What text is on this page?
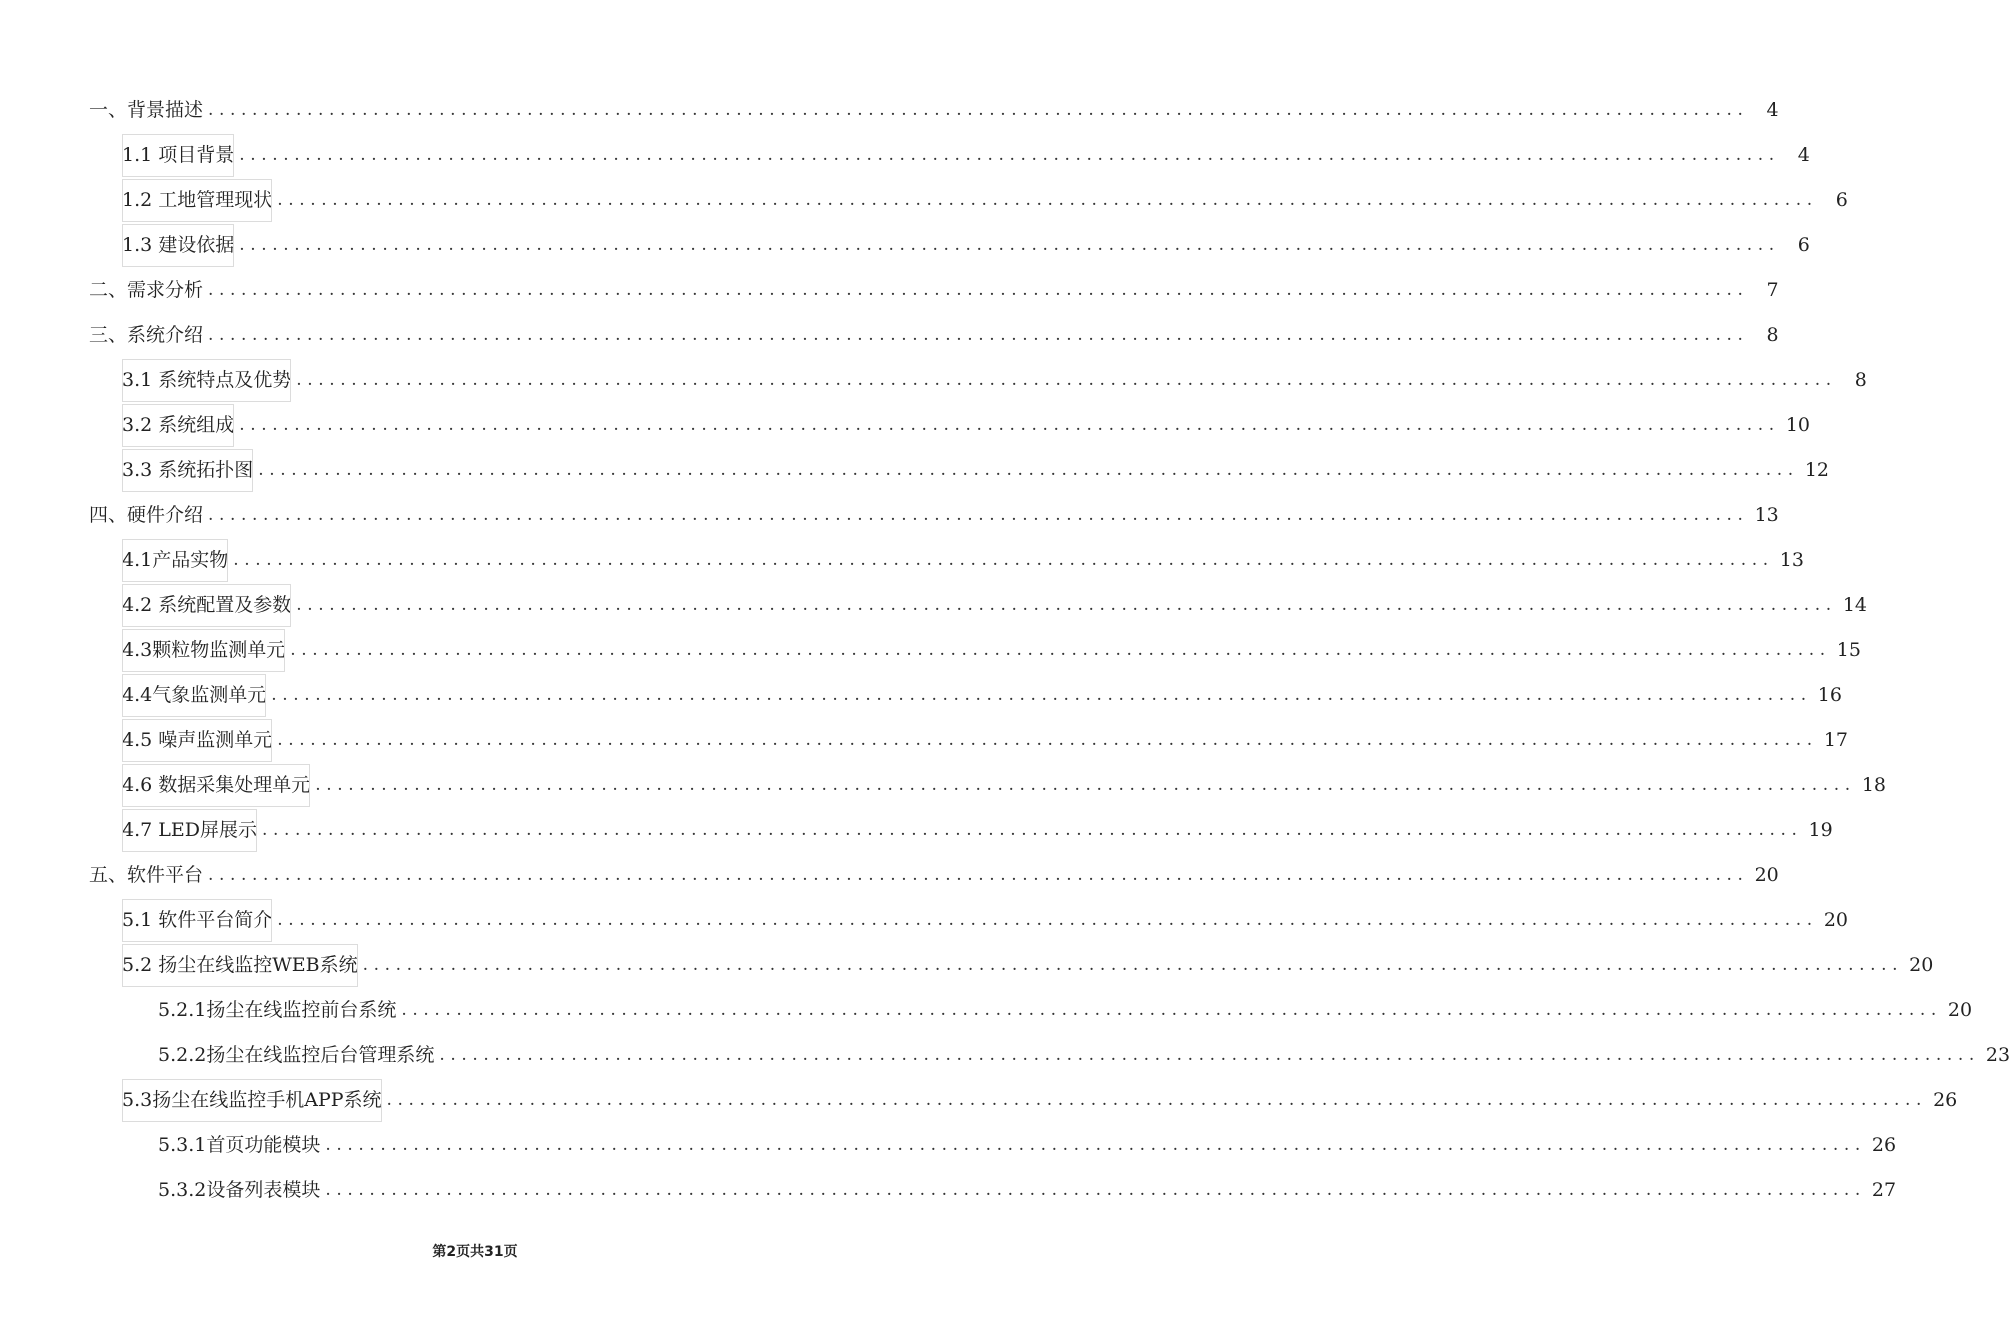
一、背景描述 ............................................................................................................................................ 4
1.1 项目背景 ............................................................................................................................................ 4
1.2 工地管理现状 ............................................................................................................................................ 6
1.3 建设依据 ............................................................................................................................................ 6
二、需求分析 ............................................................................................................................................ 7
三、系统介绍 ............................................................................................................................................ 8
3.1 系统特点及优势 ............................................................................................................................................ 8
3.2 系统组成 ............................................................................................................................................ 10
3.3 系统拓扑图 ............................................................................................................................................ 12
四、硬件介绍 ............................................................................................................................................ 13
4.1产品实物 ............................................................................................................................................ 13
4.2 系统配置及参数 ............................................................................................................................................ 14
4.3颗粒物监测单元 ............................................................................................................................................ 15
4.4气象监测单元 ............................................................................................................................................ 16
4.5 噪声监测单元 ............................................................................................................................................ 17
4.6 数据采集处理单元 ............................................................................................................................................ 18
4.7 LED屏展示 ............................................................................................................................................ 19
五、软件平台 ............................................................................................................................................ 20
5.1 软件平台简介 ............................................................................................................................................ 20
5.2 扬尘在线监控WEB系统 ............................................................................................................................................ 20
5.2.1扬尘在线监控前台系统 ............................................................................................................................................ 20
5.2.2扬尘在线监控后台管理系统 ............................................................................................................................................ 23
5.3扬尘在线监控手机APP系统 ............................................................................................................................................ 26
5.3.1首页功能模块 ............................................................................................................................................ 26
5.3.2设备列表模块 ............................................................................................................................................ 27
第2页共31页
